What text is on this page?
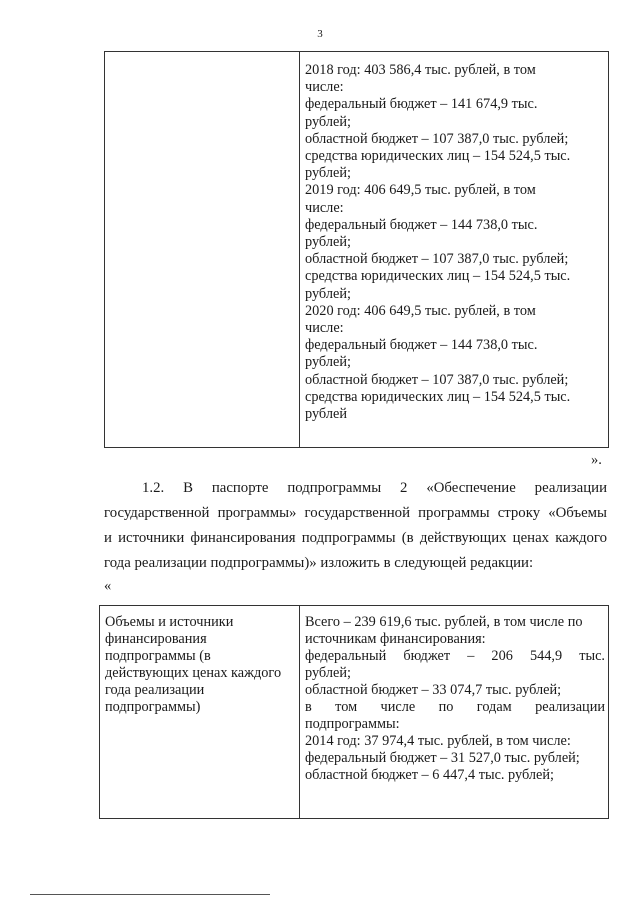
3
2018 год: 403 586,4 тыс. рублей, в том
числе:
федеральный бюджет – 141 674,9 тыс.
рублей;
областной бюджет – 107 387,0 тыс. рублей;
средства юридических лиц – 154 524,5 тыс.
рублей;
2019 год: 406 649,5 тыс. рублей, в том
числе:
федеральный бюджет – 144 738,0 тыс.
рублей;
областной бюджет – 107 387,0 тыс. рублей;
средства юридических лиц – 154 524,5 тыс.
рублей;
2020 год: 406 649,5 тыс. рублей, в том
числе:
федеральный бюджет – 144 738,0 тыс.
рублей;
областной бюджет – 107 387,0 тыс. рублей;
средства юридических лиц – 154 524,5 тыс.
рублей
».
1.2. В паспорте подпрограммы 2 «Обеспечение реализации
государственной программы» государственной программы строку «Объемы
и источники финансирования подпрограммы (в действующих ценах каждого
года реализации подпрограммы)» изложить в следующей редакции:
«
Объемы и источники
финансирования
подпрограммы (в
действующих ценах каждого
года реализации
подпрограммы)
Всего – 239 619,6 тыс. рублей, в том числе по
источникам финансирования:
федеральный бюджет – 206 544,9 тыс.
рублей;
областной бюджет – 33 074,7 тыс. рублей;
в том числе по годам реализации
подпрограммы:
2014 год: 37 974,4 тыс. рублей, в том числе:
федеральный бюджет – 31 527,0 тыс. рублей;
областной бюджет – 6 447,4 тыс. рублей;
